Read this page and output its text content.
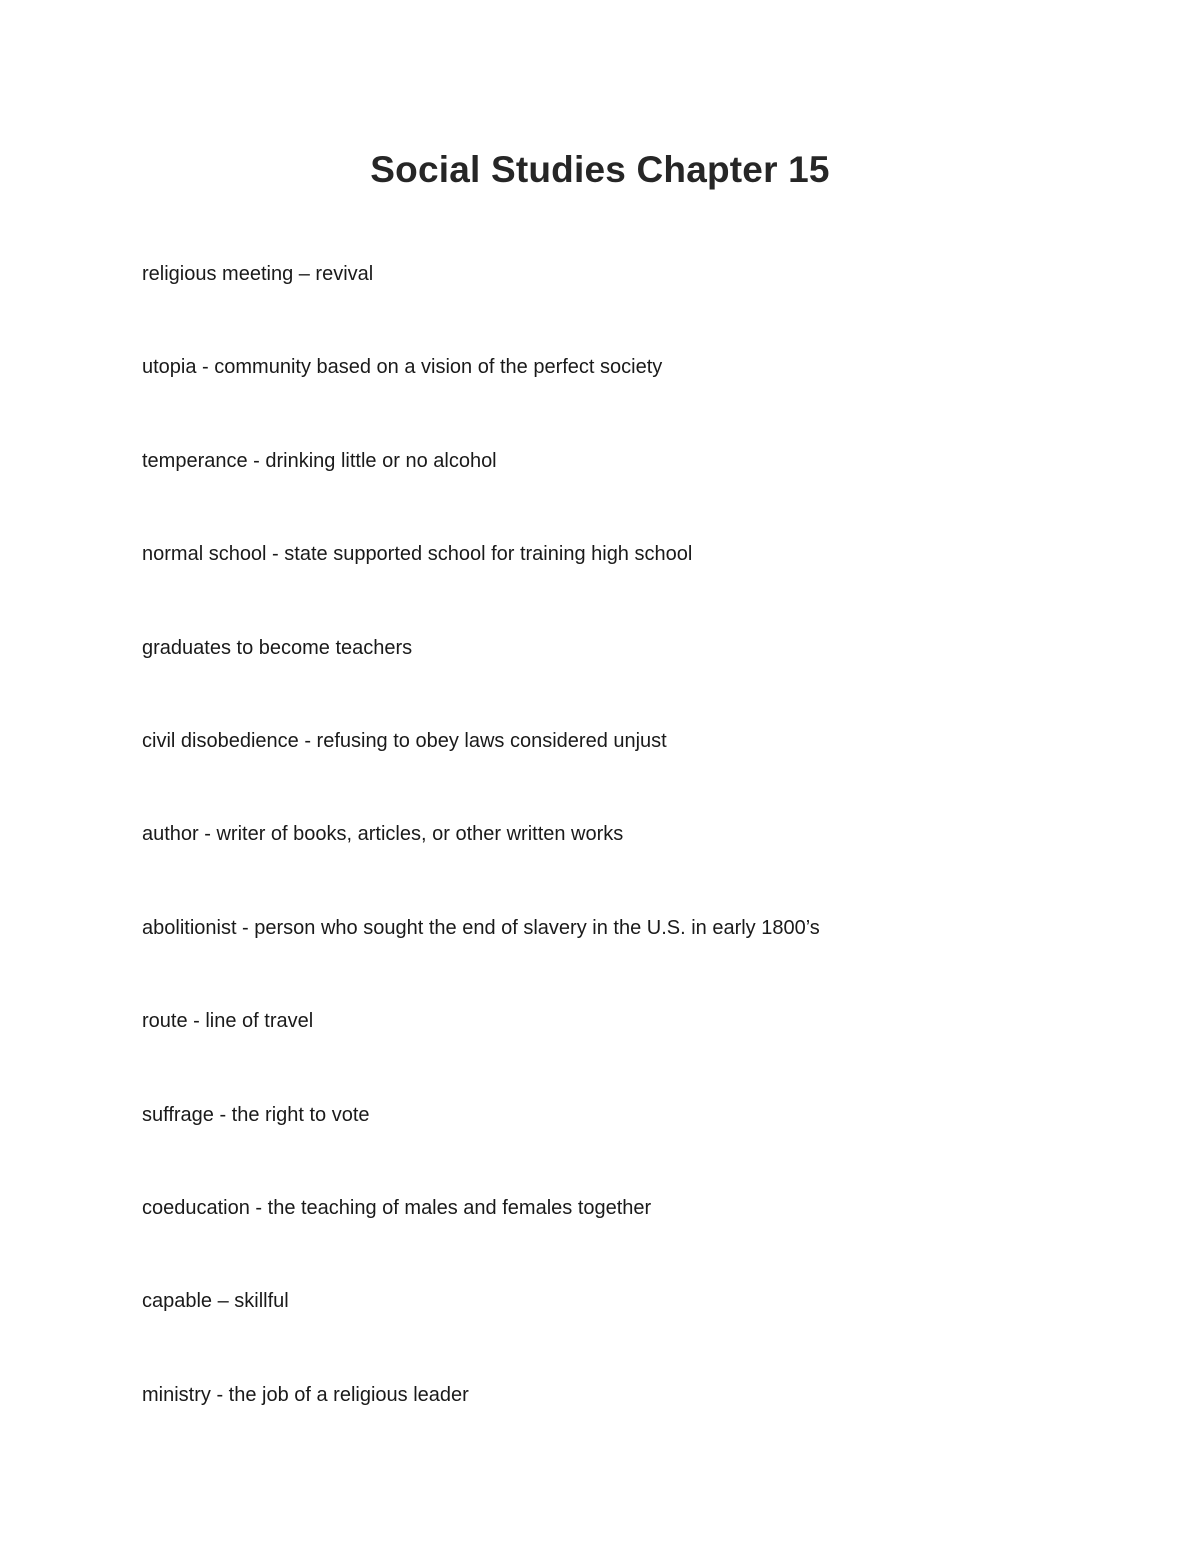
Social Studies Chapter 15
religious meeting – revival
utopia - community based on a vision of the perfect society
temperance - drinking little or no alcohol
normal school - state supported school for training high school
graduates to become teachers
civil disobedience - refusing to obey laws considered unjust
author - writer of books, articles, or other written works
abolitionist - person who sought the end of slavery in the U.S. in early 1800’s
route - line of travel
suffrage - the right to vote
coeducation - the teaching of males and females together
capable – skillful
ministry - the job of a religious leader
